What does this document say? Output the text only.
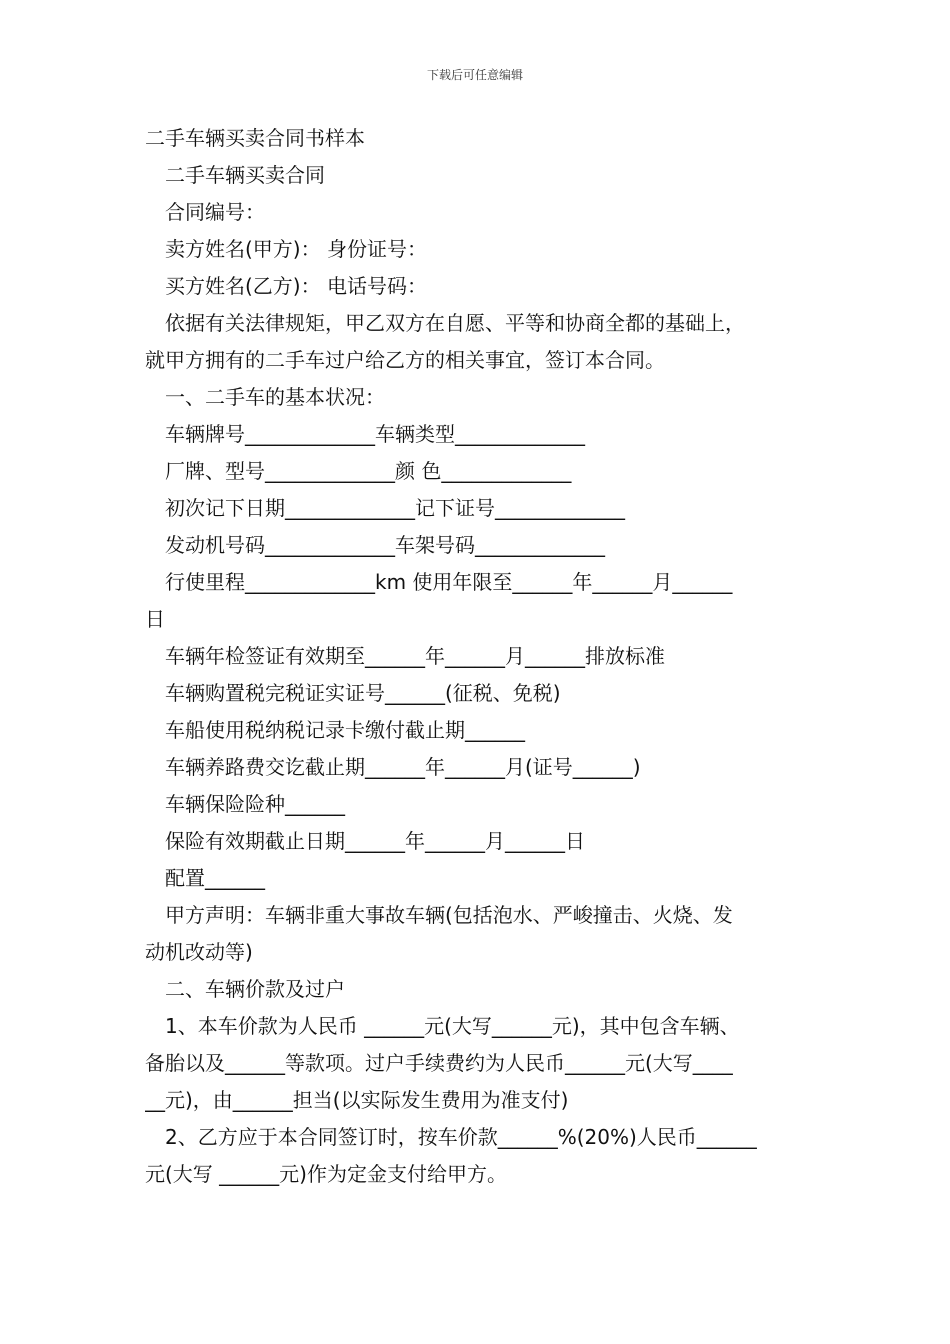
下载后可任意编辑
二手车辆买卖合同书样本
二手车辆买卖合同
合同编号：
卖方姓名(甲方)： 身份证号：
买方姓名(乙方)： 电话号码：
依据有关法律规矩，甲乙双方在自愿、平等和协商全都的基础上，
就甲方拥有的二手车过户给乙方的相关事宜，签订本合同。
一、二手车的基本状况：
车辆牌号_____________车辆类型_____________
厂牌、型号_____________颜 色_____________
初次记下日期_____________记下证号_____________
发动机号码_____________车架号码_____________
行使里程_____________km 使用年限至______年______月______
日
车辆年检签证有效期至______年______月______排放标准
车辆购置税完税证实证号______(征税、免税)
车船使用税纳税记录卡缴付截止期______
车辆养路费交讫截止期______年______月(证号______)
车辆保险险种______
保险有效期截止日期______年______月______日
配置______
甲方声明：车辆非重大事故车辆(包括泡水、严峻撞击、火烧、发
动机改动等)
二、车辆价款及过户
1、本车价款为人民币 ______元(大写______元)，其中包含车辆、
备胎以及______等款项。过户手续费约为人民币______元(大写____
__元)，由______担当(以实际发生费用为准支付)
2、乙方应于本合同签订时，按车价款______%(20%)人民币______
元(大写 ______元)作为定金支付给甲方。
